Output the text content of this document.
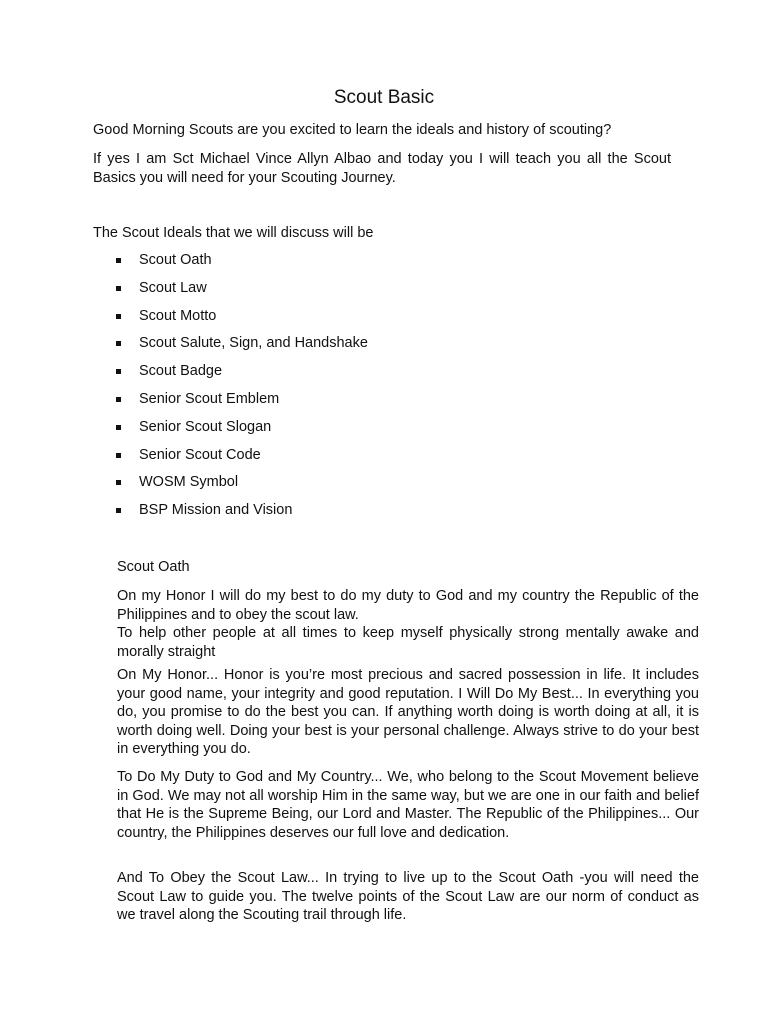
Scout Basic

Good Morning Scouts are you excited to learn the ideals and history of scouting?

If yes I am Sct Michael Vince Allyn Albao and today you I will teach you all the Scout Basics you will need for your Scouting Journey.

The Scout Ideals that we will discuss will be

Scout Oath
Scout Law
Scout Motto
Scout Salute, Sign, and Handshake
Scout Badge
Senior Scout Emblem
Senior Scout Slogan
Senior Scout Code
WOSM Symbol
BSP Mission and Vision

Scout Oath

On my Honor I will do my best to do my duty to God and my country the Republic of the Philippines and to obey the scout law.
To help other people at all times to keep myself physically strong mentally awake and morally straight

On My Honor... Honor is you’re most precious and sacred possession in life. It includes your good name, your integrity and good reputation. I Will Do My Best... In everything you do, you promise to do the best you can. If anything worth doing is worth doing at all, it is worth doing well. Doing your best is your personal challenge. Always strive to do your best in everything you do.

To Do My Duty to God and My Country... We, who belong to the Scout Movement believe in God. We may not all worship Him in the same way, but we are one in our faith and belief that He is the Supreme Being, our Lord and Master. The Republic of the Philippines... Our country, the Philippines deserves our full love and dedication.

And To Obey the Scout Law... In trying to live up to the Scout Oath -you will need the Scout Law to guide you. The twelve points of the Scout Law are our norm of conduct as we travel along the Scouting trail through life.
